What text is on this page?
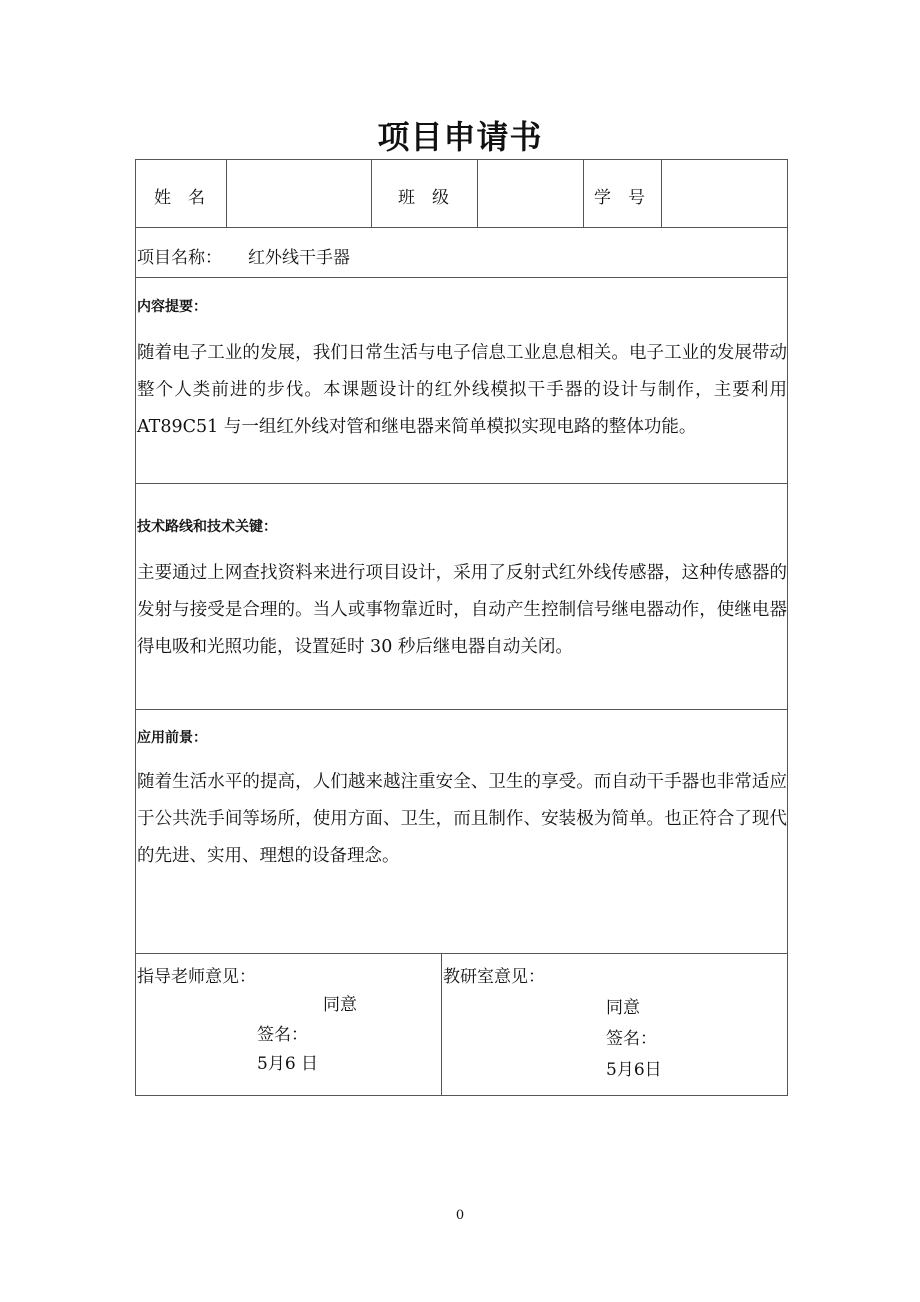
项目申请书
姓　名	班　级	学　号
项目名称： 红外线干手器
内容提要：
随着电子工业的发展，我们日常生活与电子信息工业息息相关。电子工业的发展带动整个人类前进的步伐。本课题设计的红外线模拟干手器的设计与制作，主要利用 AT89C51 与一组红外线对管和继电器来简单模拟实现电路的整体功能。
技术路线和技术关键：
主要通过上网查找资料来进行项目设计，采用了反射式红外线传感器，这种传感器的发射与接受是合理的。当人或事物靠近时，自动产生控制信号继电器动作，使继电器得电吸和光照功能，设置延时 30 秒后继电器自动关闭。
应用前景：
随着生活水平的提高，人们越来越注重安全、卫生的享受。而自动干手器也非常适应于公共洗手间等场所，使用方面、卫生，而且制作、安装极为简单。也正符合了现代的先进、实用、理想的设备理念。
指导老师意见：
同意
签名：
5月6 日
教研室意见：
同意
签名：
5月6日
0
